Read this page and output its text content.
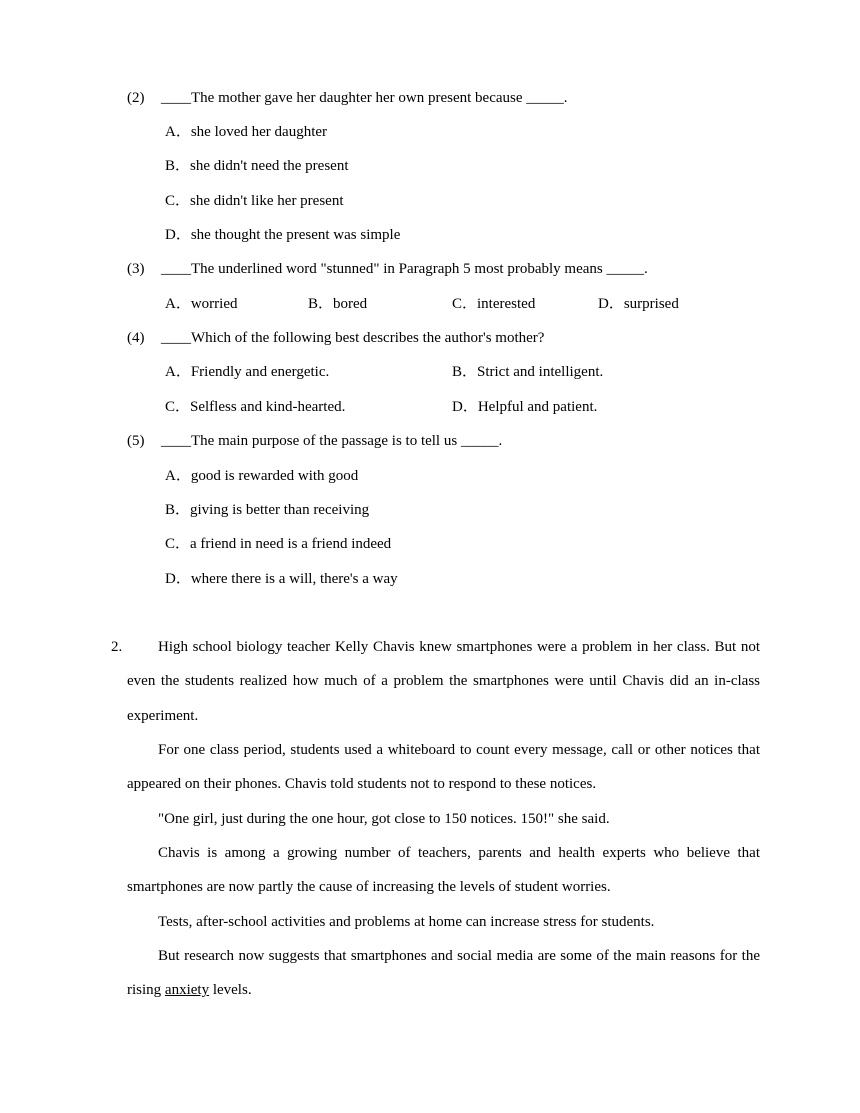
(2) ____The mother gave her daughter her own present because _____.
A．she loved her daughter
B．she didn't need the present
C．she didn't like her present
D．she thought the present was simple
(3) ____The underlined word "stunned" in Paragraph 5 most probably means _____.
A．worried	B．bored	C．interested	D．surprised
(4) ____Which of the following best describes the author's mother?
A．Friendly and energetic.	B．Strict and intelligent.
C．Selfless and kind-hearted.	D．Helpful and patient.
(5) ____The main purpose of the passage is to tell us _____.
A．good is rewarded with good
B．giving is better than receiving
C．a friend in need is a friend indeed
D．where there is a will, there's a way
2.	High school biology teacher Kelly Chavis knew smartphones were a problem in her class. But not even the students realized how much of a problem the smartphones were until Chavis did an in-class experiment.
For one class period, students used a whiteboard to count every message, call or other notices that appeared on their phones. Chavis told students not to respond to these notices.
"One girl, just during the one hour, got close to 150 notices. 150!" she said.
Chavis is among a growing number of teachers, parents and health experts who believe that smartphones are now partly the cause of increasing the levels of student worries.
Tests, after-school activities and problems at home can increase stress for students.
But research now suggests that smartphones and social media are some of the main reasons for the rising anxiety levels.
